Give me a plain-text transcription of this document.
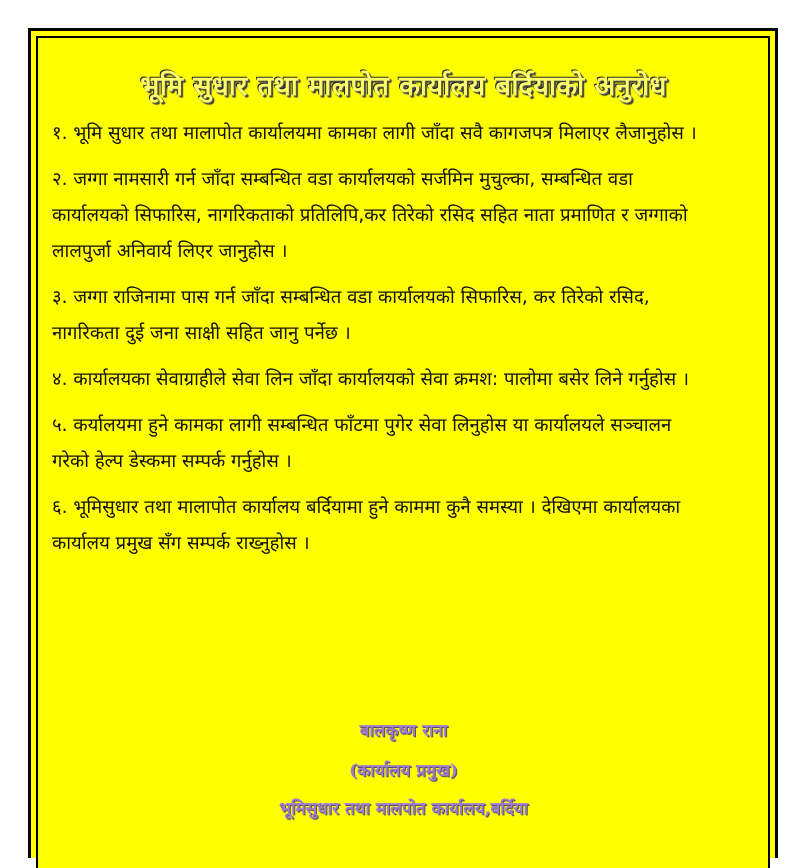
भूमि सुधार तथा मालपोत कार्यालय बर्दियाको अनुरोध
१. भूमि सुधार तथा मालापोत कार्यालयमा कामका लागी जाँदा सवै कागजपत्र मिलाएर लैजानुहोस ।
२. जग्गा नामसारी गर्न जाँदा सम्बन्धित वडा कार्यालयको सर्जमिन मुचुल्का, सम्बन्धित वडा कार्यालयको सिफारिस, नागरिकताको प्रतिलिपि,कर तिरेको रसिद सहित नाता प्रमाणित र जग्गाको लालपुर्जा अनिवार्य लिएर जानुहोस ।
३. जग्गा राजिनामा पास गर्न जाँदा सम्बन्धित वडा कार्यालयको सिफारिस, कर तिरेको रसिद, नागरिकता दुई जना साक्षी सहित जानु पर्नेछ ।
४. कार्यालयका सेवाग्राहीले सेवा लिन जाँदा कार्यालयको सेवा क्रमश: पालोमा बसेर लिने गर्नुहोस ।
५. कर्यालयमा हुने कामका लागी सम्बन्धित फाँटमा पुगेर सेवा लिनुहोस या कार्यालयले सञ्चालन गरेको हेल्प डेस्कमा सम्पर्क गर्नुहोस ।
६. भूमिसुधार तथा मालापोत कार्यालय बर्दियामा हुने काममा कुनै समस्या । देखिएमा कार्यालयका कार्यालय प्रमुख सँग सम्पर्क राख्नुहोस ।
बालकृष्ण राना
(कार्यालय प्रमुख)
भूमिसुधार तथा मालपोत कार्यालय,बर्दिया
